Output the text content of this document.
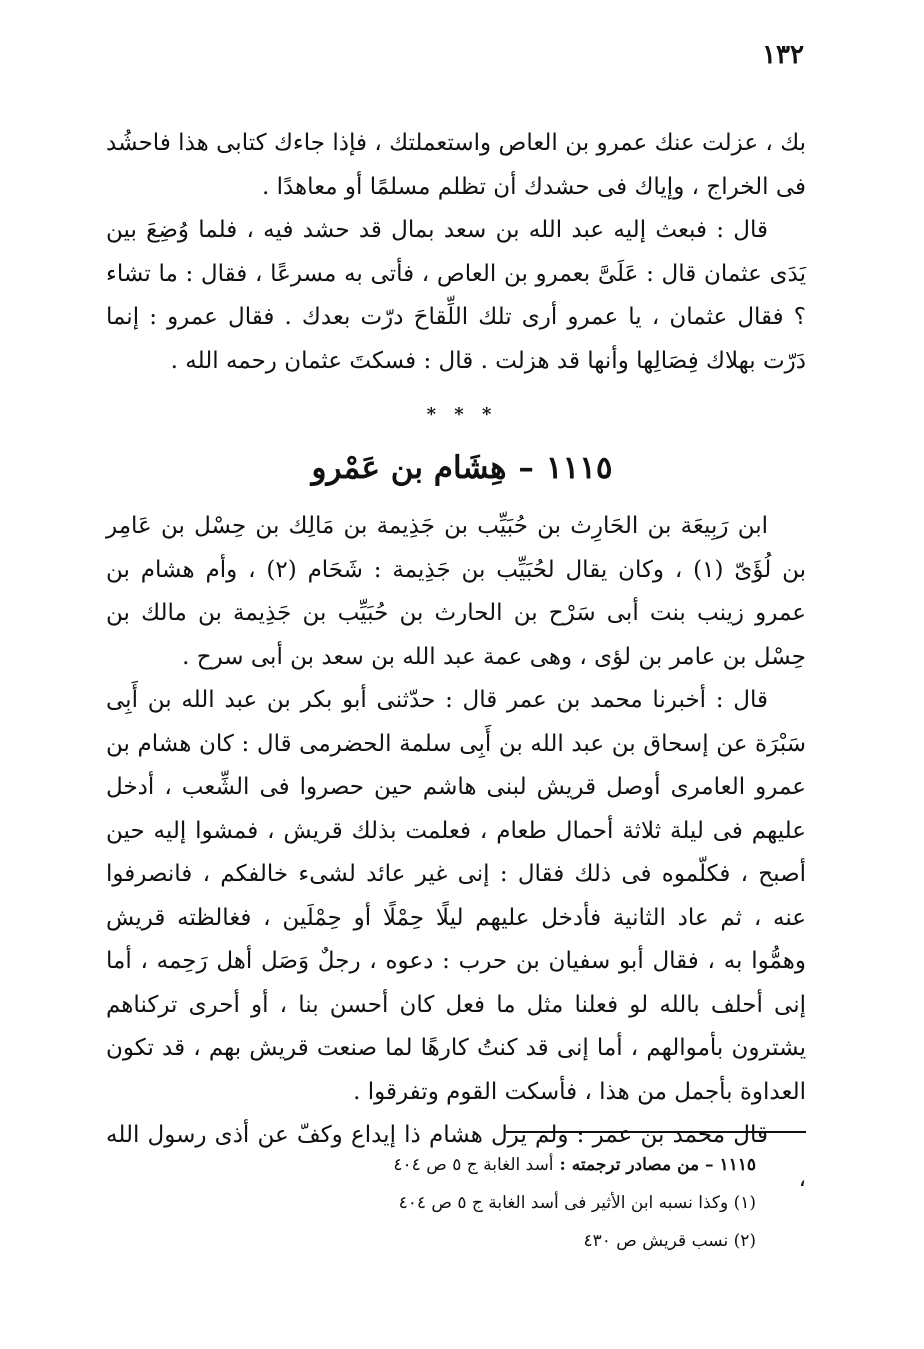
١٣٢

بك ، عزلت عنك عمرو بن العاص واستعملتك ، فإذا جاءك كتابى هذا فاحشُد فى الخراج ، وإياك فى حشدك أن تظلم مسلمًا أو معاهدًا .

قال : فبعث إليه عبد الله بن سعد بمال قد حشد فيه ، فلما وُضِعَ بين يَدَى عثمان قال : عَلَىَّ بعمرو بن العاص ، فأتى به مسرعًا ، فقال : ما تشاء ؟ فقال عثمان ، يا عمرو أرى تلك اللِّقاحَ درّت بعدك . فقال عمرو : إنما دَرّت بهلاك فِصَالِها وأنها قد هزلت . قال : فسكتَ عثمان رحمه الله .

* * *
١١١٥–هِشَام بن عَمْرو

ابن رَبِيعَة بن الحَارِث بن حُبَيِّب بن جَذِيمة بن مَالِك بن حِسْل بن عَامِر بن لُؤَىّ (١) ، وكان يقال لحُبَيِّب بن جَذِيمة : شَحَام (٢) ، وأم هشام بن عمرو زينب بنت أبى سَرْح بن الحارث بن حُبَيِّب بن جَذِيمة بن مالك بن حِسْل بن عامر بن لؤى ، وهى عمة عبد الله بن سعد بن أبى سرح .

قال : أخبرنا محمد بن عمر قال : حدّثنى أبو بكر بن عبد الله بن أَبِى سَبْرَة عن إسحاق بن عبد الله بن أَبِى سلمة الحضرمى قال : كان هشام بن عمرو العامرى أوصل قريش لبنى هاشم حين حصروا فى الشِّعب ، أدخل عليهم فى ليلة ثلاثة أحمال طعام ، فعلمت بذلك قريش ، فمشوا إليه حين أصبح ، فكلّموه فى ذلك فقال : إنى غير عائد لشىء خالفكم ، فانصرفوا عنه ، ثم عاد الثانية فأدخل عليهم ليلًا حِمْلًا أو حِمْلَين ، فغالظته قريش وهمُّوا به ، فقال أبو سفيان بن حرب : دعوه ، رجلٌ وَصَل أهل رَحِمه ، أما إنى أحلف بالله لو فعلنا مثل ما فعل كان أحسن بنا ، أو أحرى تركناهم يشترون بأموالهم ، أما إنى قد كنتُ كارهًا لما صنعت قريش بهم ، قد تكون العداوة بأجمل من هذا ، فأسكت القوم وتفرقوا .

قال محمد بن عمر : ولم يزل هشام ذا إيداع وكفّ عن أذى رسول الله ،

١١١٥ – من مصادر ترجمته :أسد الغابة ج ٥ ص ٤٠٤

(١) وكذا نسبه ابن الأثير فى أسد الغابة ج ٥ ص ٤٠٤

(٢) نسب قريش ص ٤٣٠
